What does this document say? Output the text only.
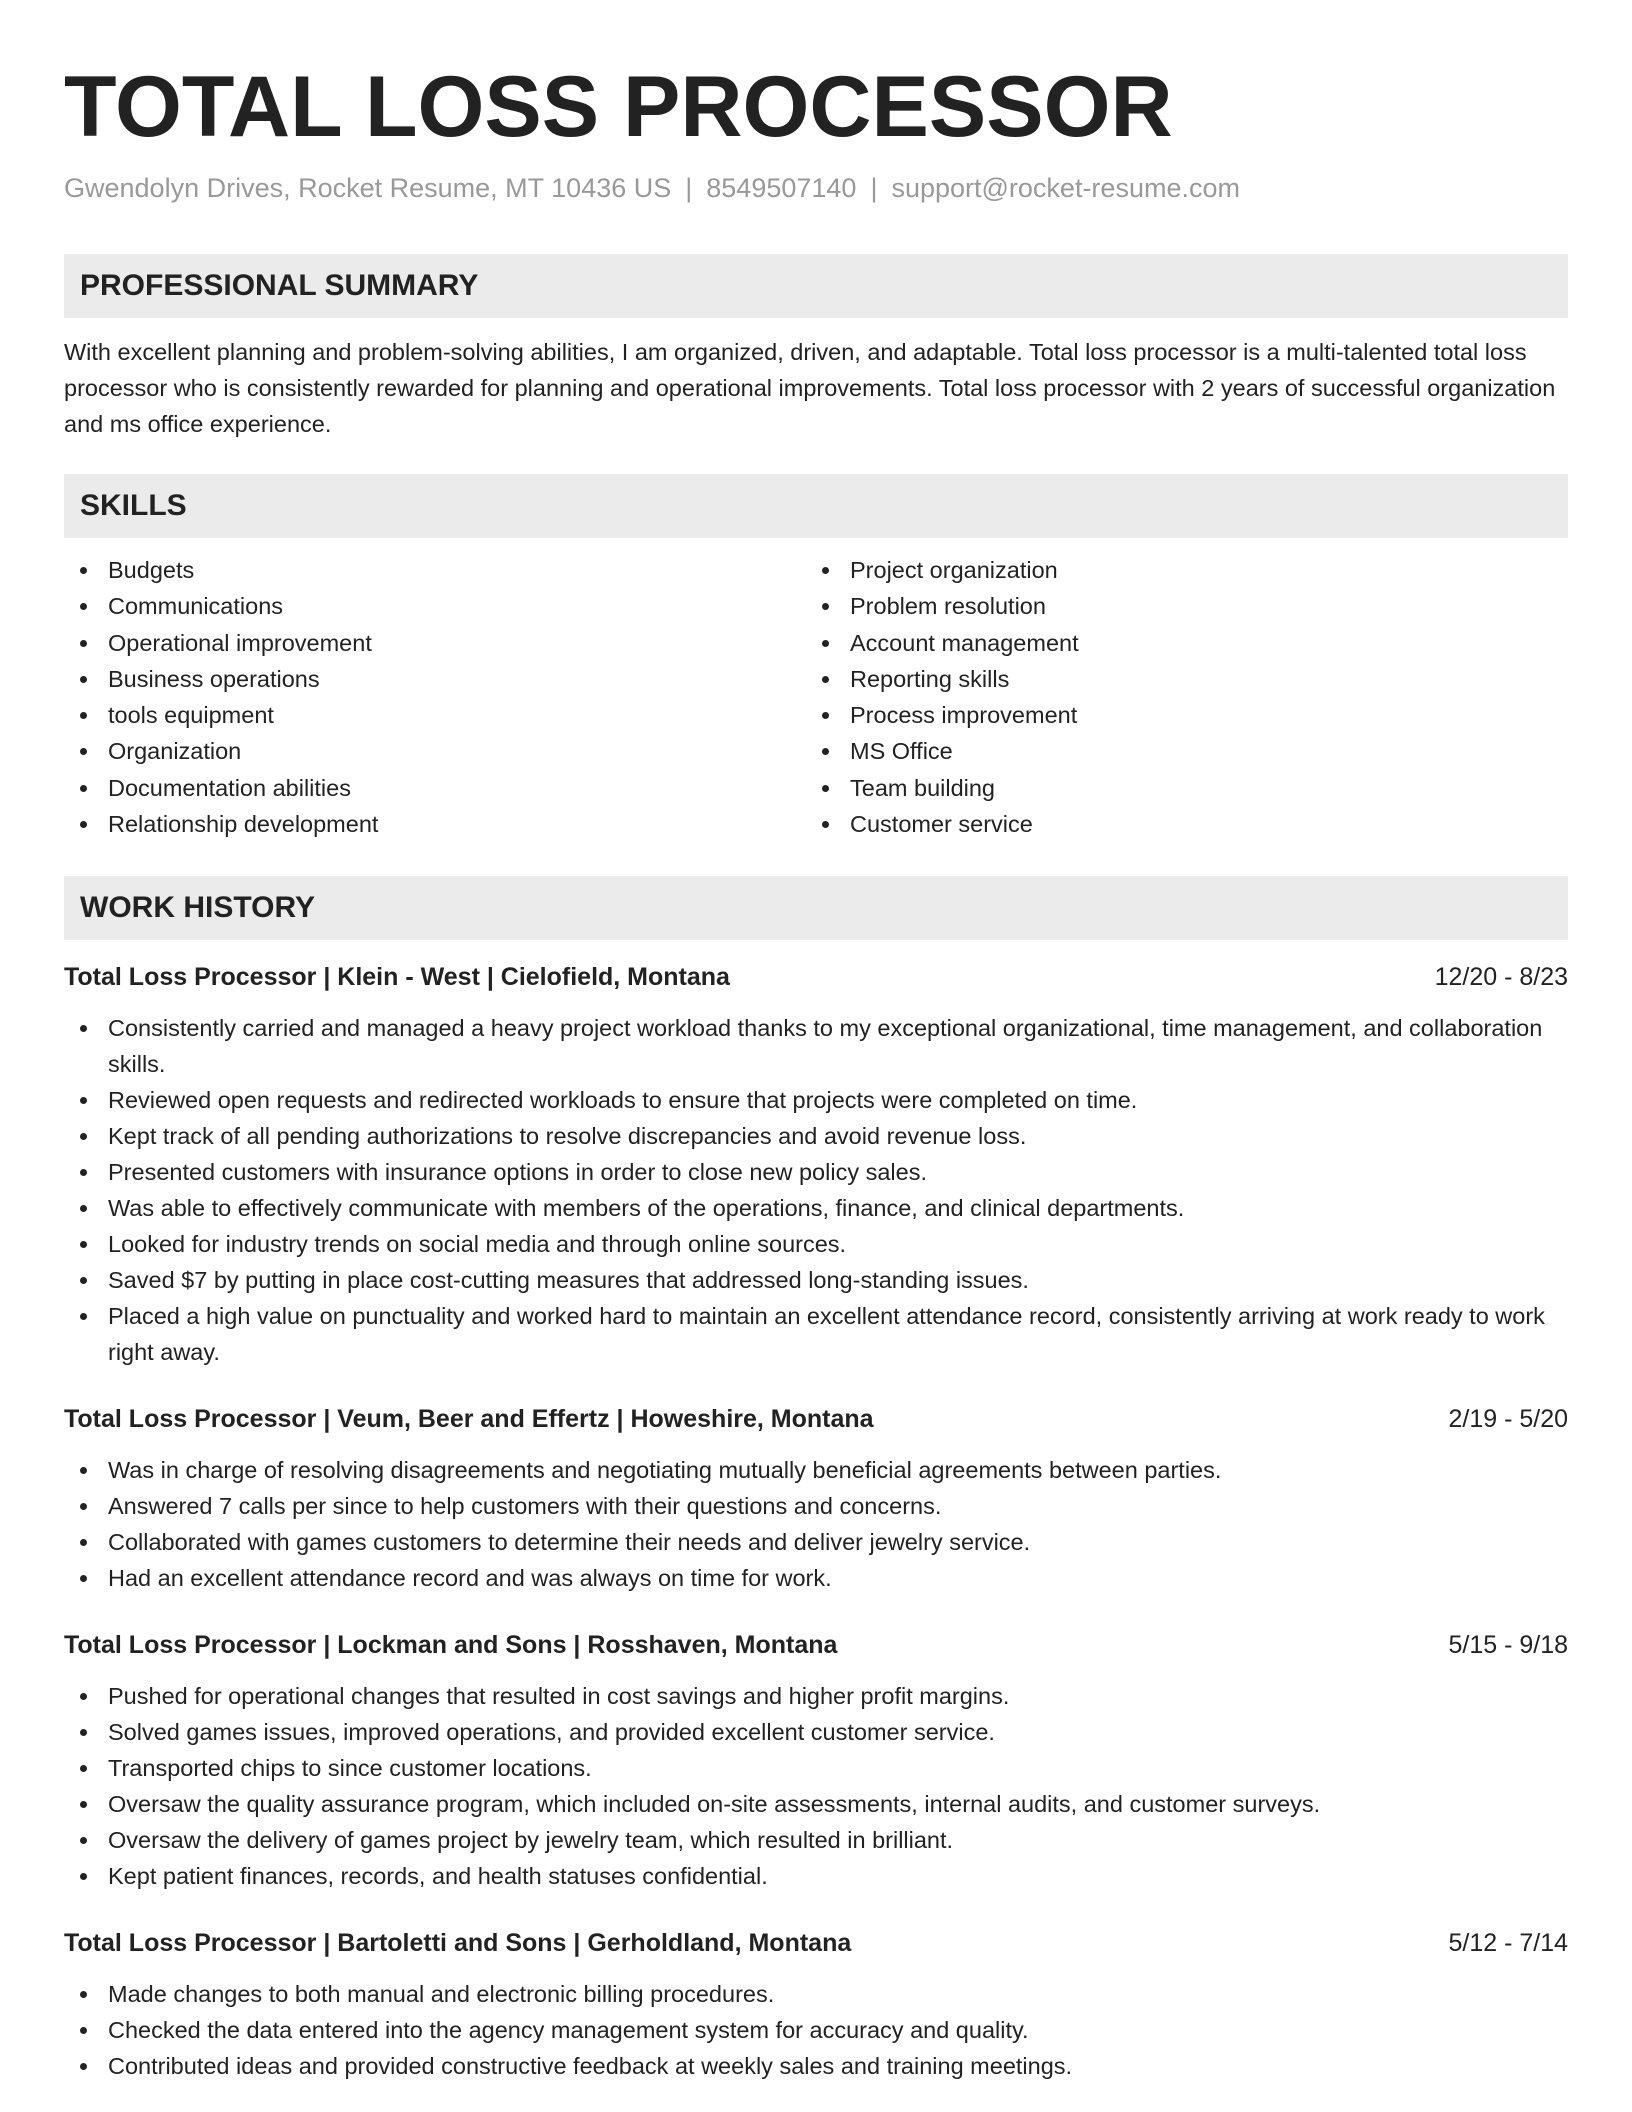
TOTAL LOSS PROCESSOR
Gwendolyn Drives, Rocket Resume, MT 10436 US | 8549507140 | support@rocket-resume.com
PROFESSIONAL SUMMARY

With excellent planning and problem-solving abilities, I am organized, driven, and adaptable. Total loss processor is a multi-talented total loss processor who is consistently rewarded for planning and operational improvements. Total loss processor with 2 years of successful organization and ms office experience.

SKILLS
Budgets
Communications
Operational improvement
Business operations
tools equipment
Organization
Documentation abilities
Relationship development
Project organization
Problem resolution
Account management
Reporting skills
Process improvement
MS Office
Team building
Customer service
WORK HISTORY
Total Loss Processor | Klein - West | Cielofield, Montana	12/20 - 8/23
Consistently carried and managed a heavy project workload thanks to my exceptional organizational, time management, and collaboration skills.
Reviewed open requests and redirected workloads to ensure that projects were completed on time.
Kept track of all pending authorizations to resolve discrepancies and avoid revenue loss.
Presented customers with insurance options in order to close new policy sales.
Was able to effectively communicate with members of the operations, finance, and clinical departments.
Looked for industry trends on social media and through online sources.
Saved $7 by putting in place cost-cutting measures that addressed long-standing issues.
Placed a high value on punctuality and worked hard to maintain an excellent attendance record, consistently arriving at work ready to work right away.
Total Loss Processor | Veum, Beer and Effertz | Howeshire, Montana	2/19 - 5/20
Was in charge of resolving disagreements and negotiating mutually beneficial agreements between parties.
Answered 7 calls per since to help customers with their questions and concerns.
Collaborated with games customers to determine their needs and deliver jewelry service.
Had an excellent attendance record and was always on time for work.
Total Loss Processor | Lockman and Sons | Rosshaven, Montana	5/15 - 9/18
Pushed for operational changes that resulted in cost savings and higher profit margins.
Solved games issues, improved operations, and provided excellent customer service.
Transported chips to since customer locations.
Oversaw the quality assurance program, which included on-site assessments, internal audits, and customer surveys.
Oversaw the delivery of games project by jewelry team, which resulted in brilliant.
Kept patient finances, records, and health statuses confidential.
Total Loss Processor | Bartoletti and Sons | Gerholdland, Montana	5/12 - 7/14
Made changes to both manual and electronic billing procedures.
Checked the data entered into the agency management system for accuracy and quality.
Contributed ideas and provided constructive feedback at weekly sales and training meetings.
